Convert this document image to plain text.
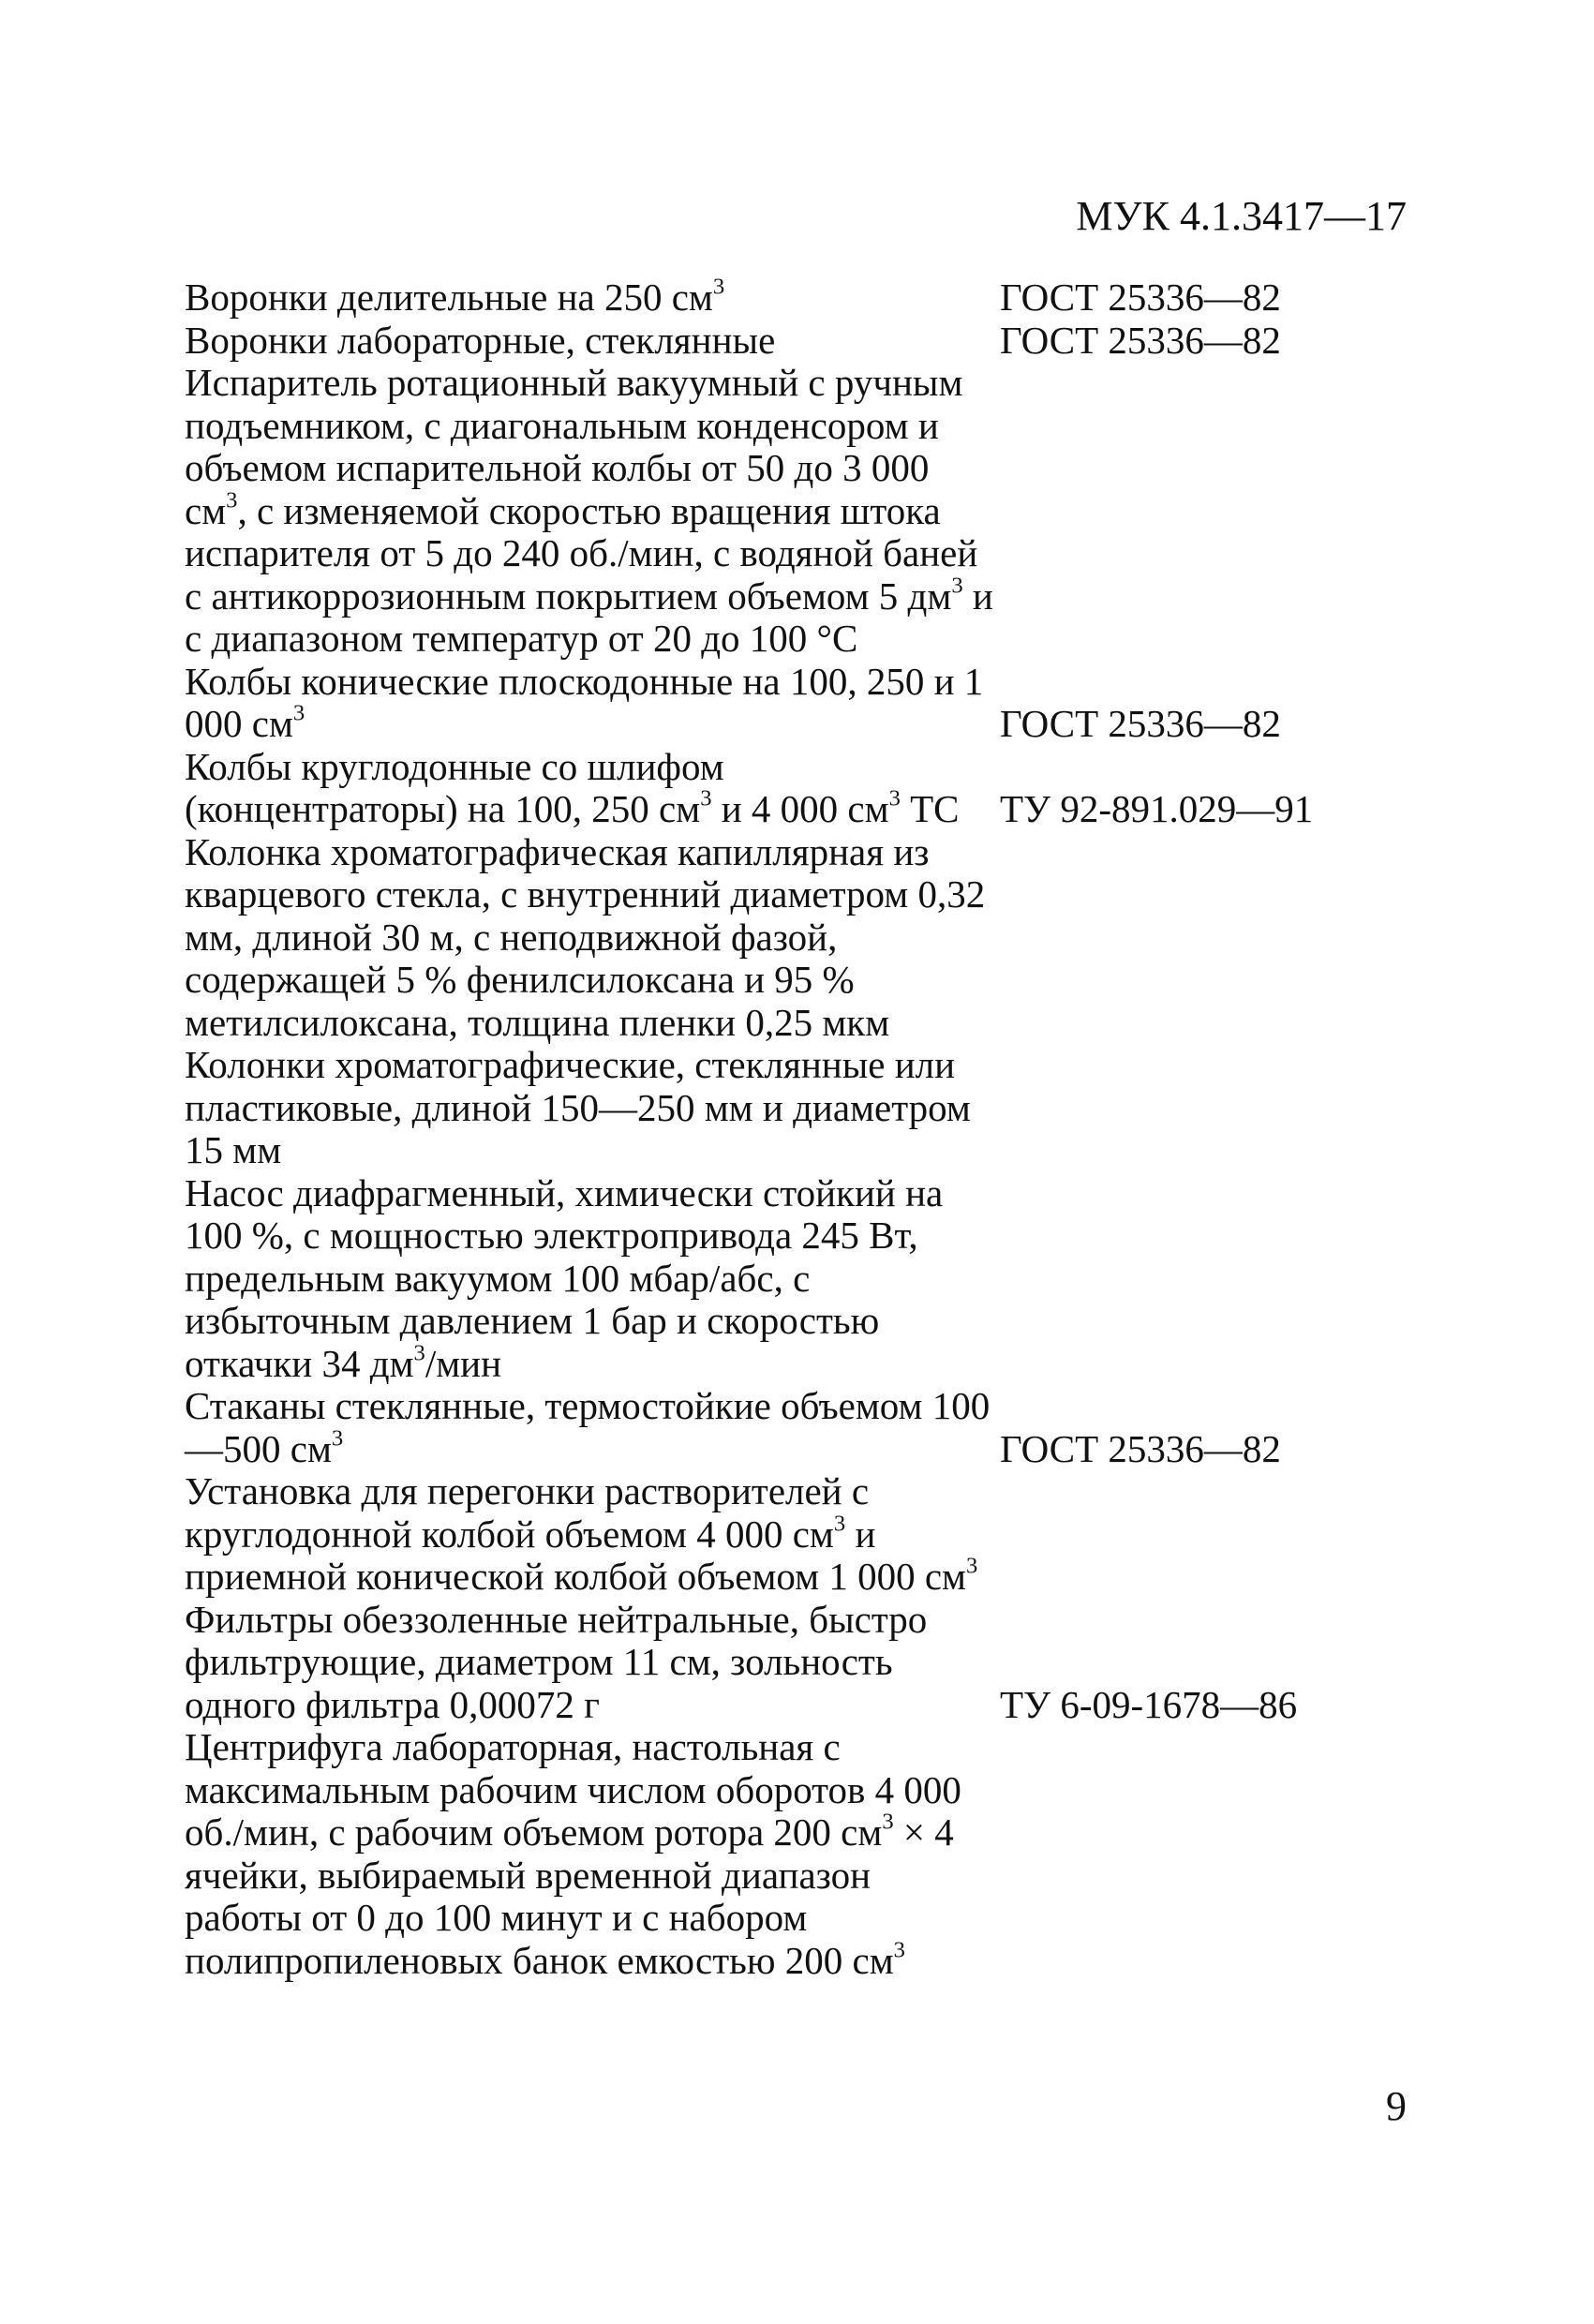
МУК 4.1.3417—17
Воронки делительные на 250 $см^3$	ГОСТ 25336—82
Воронки лабораторные, стеклянные	ГОСТ 25336—82
Испаритель ротационный вакуумный с ручным подъемником, с диагональным конденсором и объемом испарительной колбы от 50 до 3 000 $см^3$, с изменяемой скоростью вращения штока испарителя от 5 до 240 об./мин, с водяной баней с антикоррозионным покрытием объемом 5 $дм^3$ и с диапазоном температур от 20 до 100 °С
Колбы конические плоскодонные на 100, 250 и 1 000 $см^3$	ГОСТ 25336—82
Колбы круглодонные со шлифом (концентраторы) на 100, 250 $см^3$ и 4 000 $см^3$ ТС	ТУ 92-891.029—91
Колонка хроматографическая капиллярная из кварцевого стекла, с внутренний диаметром 0,32 мм, длиной 30 м, с неподвижной фазой, содержащей 5 % фенилсилоксана и 95 % метилсилоксана, толщина пленки 0,25 мкм
Колонки хроматографические, стеклянные или пластиковые, длиной 150—250 мм и диаметром 15 мм
Насос диафрагменный, химически стойкий на 100 %, с мощностью электропривода 245 Вт, предельным вакуумом 100 мбар/абс, с избыточным давлением 1 бар и скоростью откачки 34 $дм^3$/мин
Стаканы стеклянные, термостойкие объемом 100—500 $см^3$	ГОСТ 25336—82
Установка для перегонки растворителей с круглодонной колбой объемом 4 000 $см^3$ и приемной конической колбой объемом 1 000 $см^3$
Фильтры обеззоленные нейтральные, быстро фильтрующие, диаметром 11 см, зольность одного фильтра 0,00072 г	ТУ 6-09-1678—86
Центрифуга лабораторная, настольная с максимальным рабочим числом оборотов 4 000 об./мин, с рабочим объемом ротора 200 $см^3 \times 4$ ячейки, выбираемый временной диапазон работы от 0 до 100 минут и с набором полипропиленовых банок емкостью 200 $см^3$
9
